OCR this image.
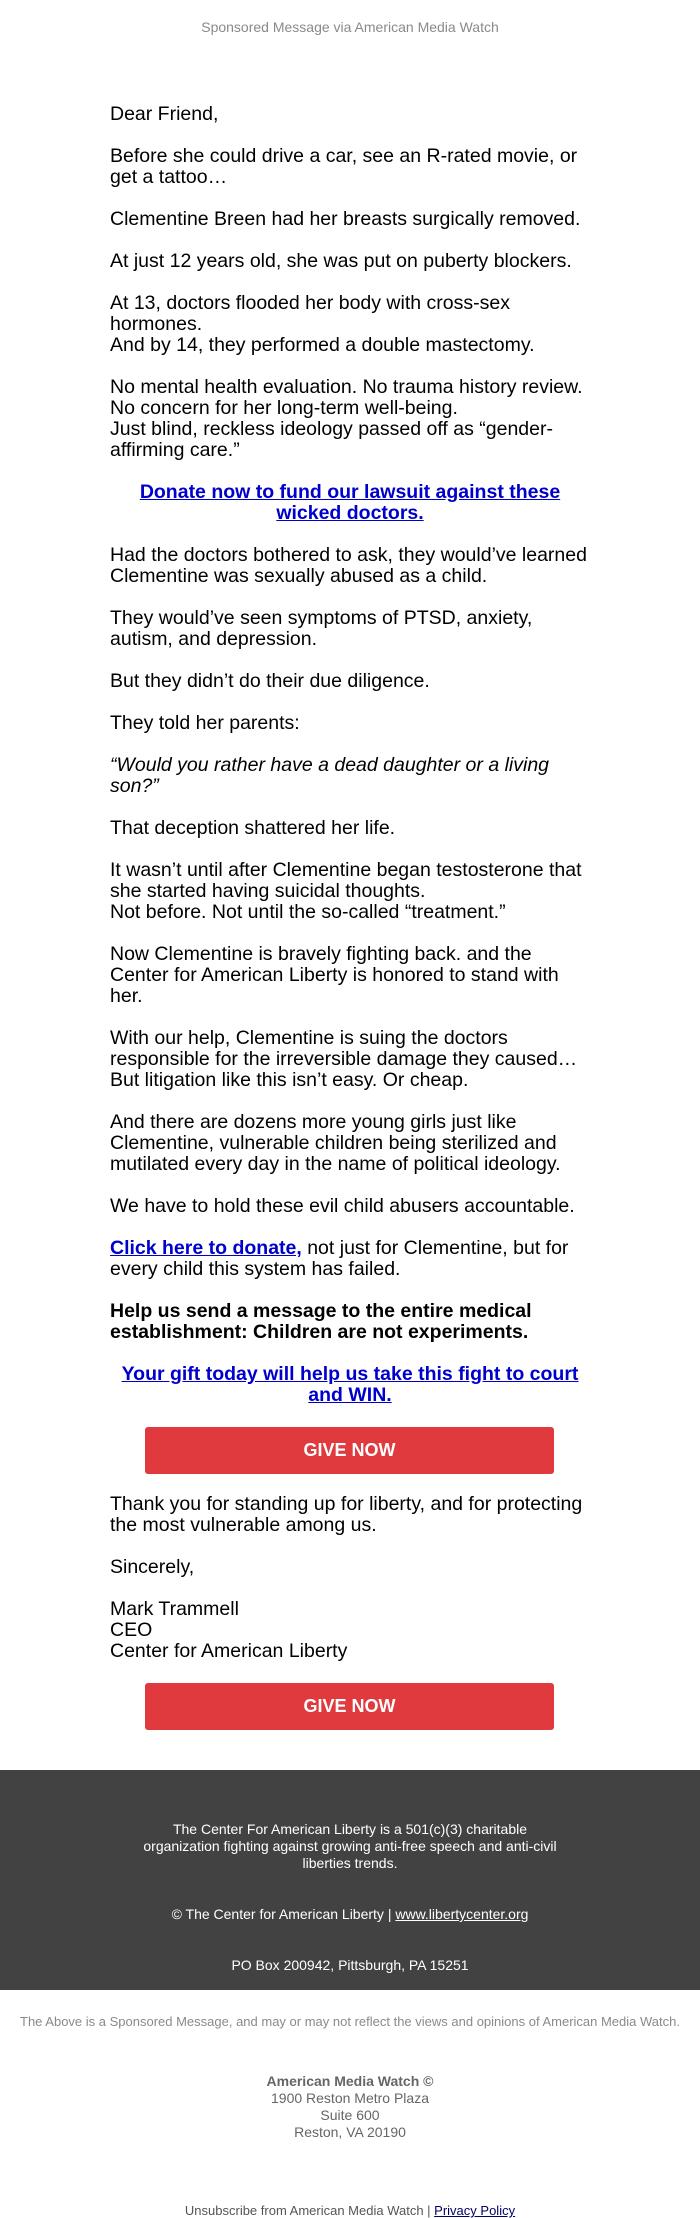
Sponsored Message via American Media Watch

Dear Friend,

Before she could drive a car, see an R-rated movie, or get a tattoo…

Clementine Breen had her breasts surgically removed.

At just 12 years old, she was put on puberty blockers.

At 13, doctors flooded her body with cross-sex hormones.
And by 14, they performed a double mastectomy.

No mental health evaluation. No trauma history review. No concern for her long-term well-being.
Just blind, reckless ideology passed off as “gender-affirming care.”

Donate now to fund our lawsuit against these wicked doctors.

Had the doctors bothered to ask, they would’ve learned Clementine was sexually abused as a child.

They would’ve seen symptoms of PTSD, anxiety, autism, and depression.

But they didn’t do their due diligence.

They told her parents:

“Would you rather have a dead daughter or a living son?”

That deception shattered her life.

It wasn’t until after Clementine began testosterone that she started having suicidal thoughts.
Not before. Not until the so-called “treatment.”

Now Clementine is bravely fighting back. and the Center for American Liberty is honored to stand with her.

With our help, Clementine is suing the doctors responsible for the irreversible damage they caused…But litigation like this isn’t easy. Or cheap.

And there are dozens more young girls just like Clementine, vulnerable children being sterilized and mutilated every day in the name of political ideology.

We have to hold these evil child abusers accountable.

Click here to donate, not just for Clementine, but for every child this system has failed.

Help us send a message to the entire medical establishment: Children are not experiments.

Your gift today will help us take this fight to court and WIN.
GIVE NOW

Thank you for standing up for liberty, and for protecting the most vulnerable among us.

Sincerely,

Mark Trammell
CEO
Center for American Liberty

GIVE NOW
The Center For American Liberty is a 501(c)(3) charitable organization fighting against growing anti-free speech and anti-civil liberties trends.
© The Center for American Liberty | www.libertycenter.org
PO Box 200942, Pittsburgh, PA 15251
The Above is a Sponsored Message, and may or may not reflect the views and opinions of American Media Watch.
American Media Watch ©
1900 Reston Metro Plaza
Suite 600
Reston, VA 20190
Unsubscribe from American Media Watch | Privacy Policy
